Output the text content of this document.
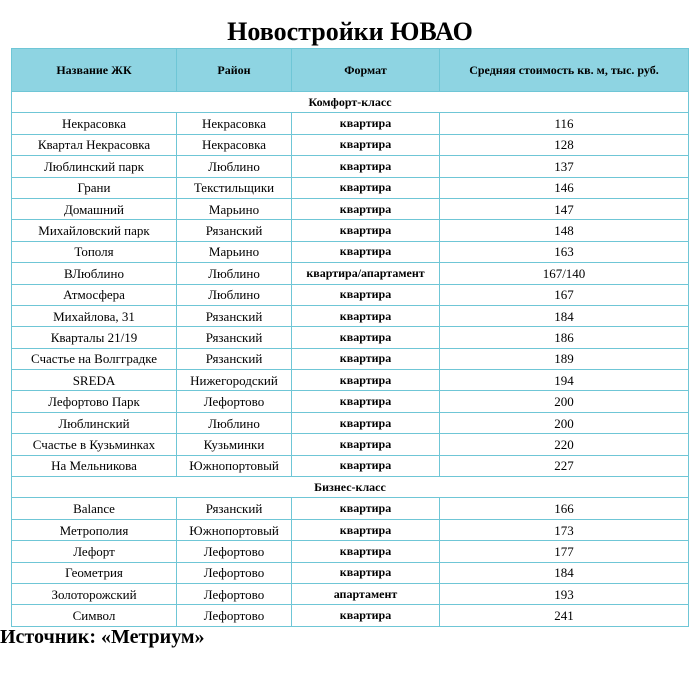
Новостройки ЮВАО
Название ЖК	Район	Формат	Средняя стоимость кв. м, тыс. руб.
Комфорт-класс			
Некрасовка	Некрасовка	квартира	116
Квартал Некрасовка	Некрасовка	квартира	128
Люблинский парк	Люблино	квартира	137
Грани	Текстильщики	квартира	146
Домашний	Марьино	квартира	147
Михайловский парк	Рязанский	квартира	148
Тополя	Марьино	квартира	163
ВЛюблино	Люблино	квартира/апартамент	167/140
Атмосфера	Люблино	квартира	167
Михайлова, 31	Рязанский	квартира	184
Кварталы 21/19	Рязанский	квартира	186
Счастье на Волгградке	Рязанский	квартира	189
SREDA	Нижегородский	квартира	194
Лефортово Парк	Лефортово	квартира	200
Люблинский	Люблино	квартира	200
Счастье в Кузьминках	Кузьминки	квартира	220
На Мельникова	Южнопортовый	квартира	227
Бизнес-класс			
Balance	Рязанский	квартира	166
Метрополия	Южнопортовый	квартира	173
Лефорт	Лефортово	квартира	177
Геометрия	Лефортово	квартира	184
Золоторожский	Лефортово	апартамент	193
Символ	Лефортово	квартира	241
Источник: «Метриум»
